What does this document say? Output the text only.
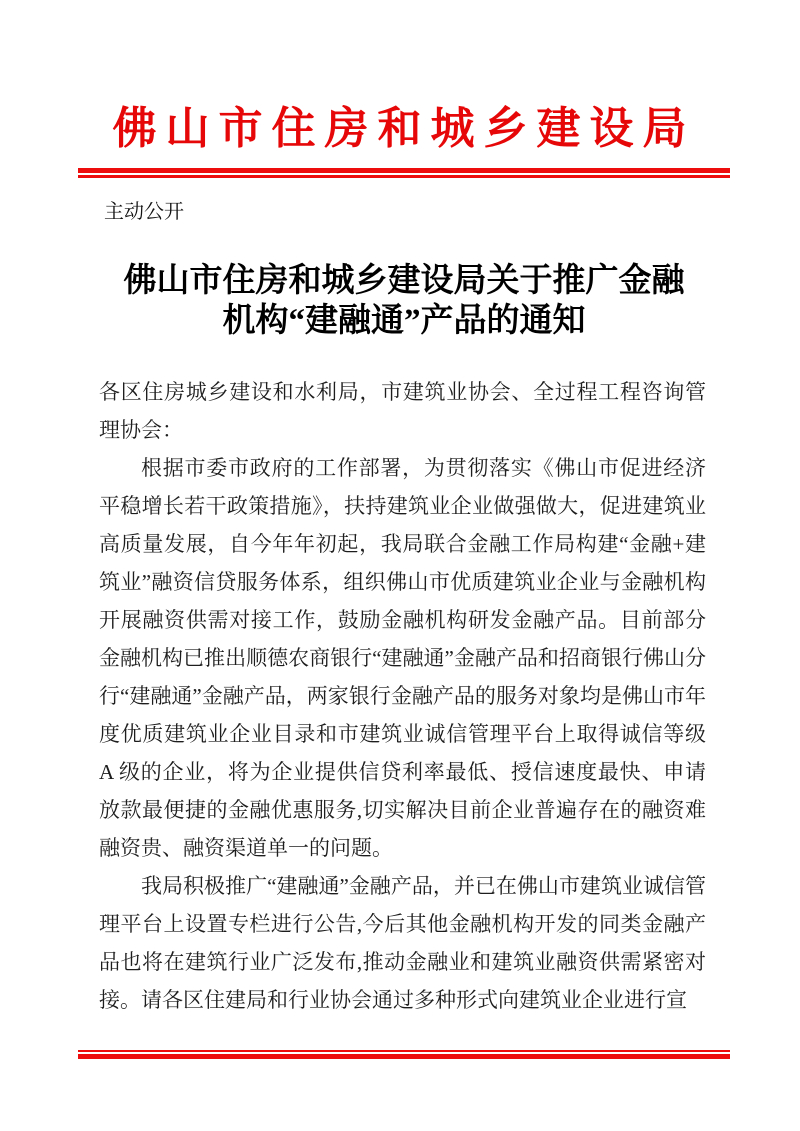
佛山市住房和城乡建设局
主动公开
佛山市住房和城乡建设局关于推广金融
机构“建融通”产品的通知

各区住房城乡建设和水利局，市建筑业协会、全过程工程咨询管理协会：

根据市委市政府的工作部署，为贯彻落实《佛山市促进经济平稳增长若干政策措施》，扶持建筑业企业做强做大，促进建筑业高质量发展，自今年年初起，我局联合金融工作局构建“金融+建筑业”融资信贷服务体系，组织佛山市优质建筑业企业与金融机构开展融资供需对接工作，鼓励金融机构研发金融产品。目前部分金融机构已推出顺德农商银行“建融通”金融产品和招商银行佛山分行“建融通”金融产品，两家银行金融产品的服务对象均是佛山市年度优质建筑业企业目录和市建筑业诚信管理平台上取得诚信等级 A 级的企业，将为企业提供信贷利率最低、授信速度最快、申请放款最便捷的金融优惠服务,切实解决目前企业普遍存在的融资难融资贵、融资渠道单一的问题。

我局积极推广“建融通”金融产品，并已在佛山市建筑业诚信管理平台上设置专栏进行公告,今后其他金融机构开发的同类金融产品也将在建筑行业广泛发布,推动金融业和建筑业融资供需紧密对接。请各区住建局和行业协会通过多种形式向建筑业企业进行宣
